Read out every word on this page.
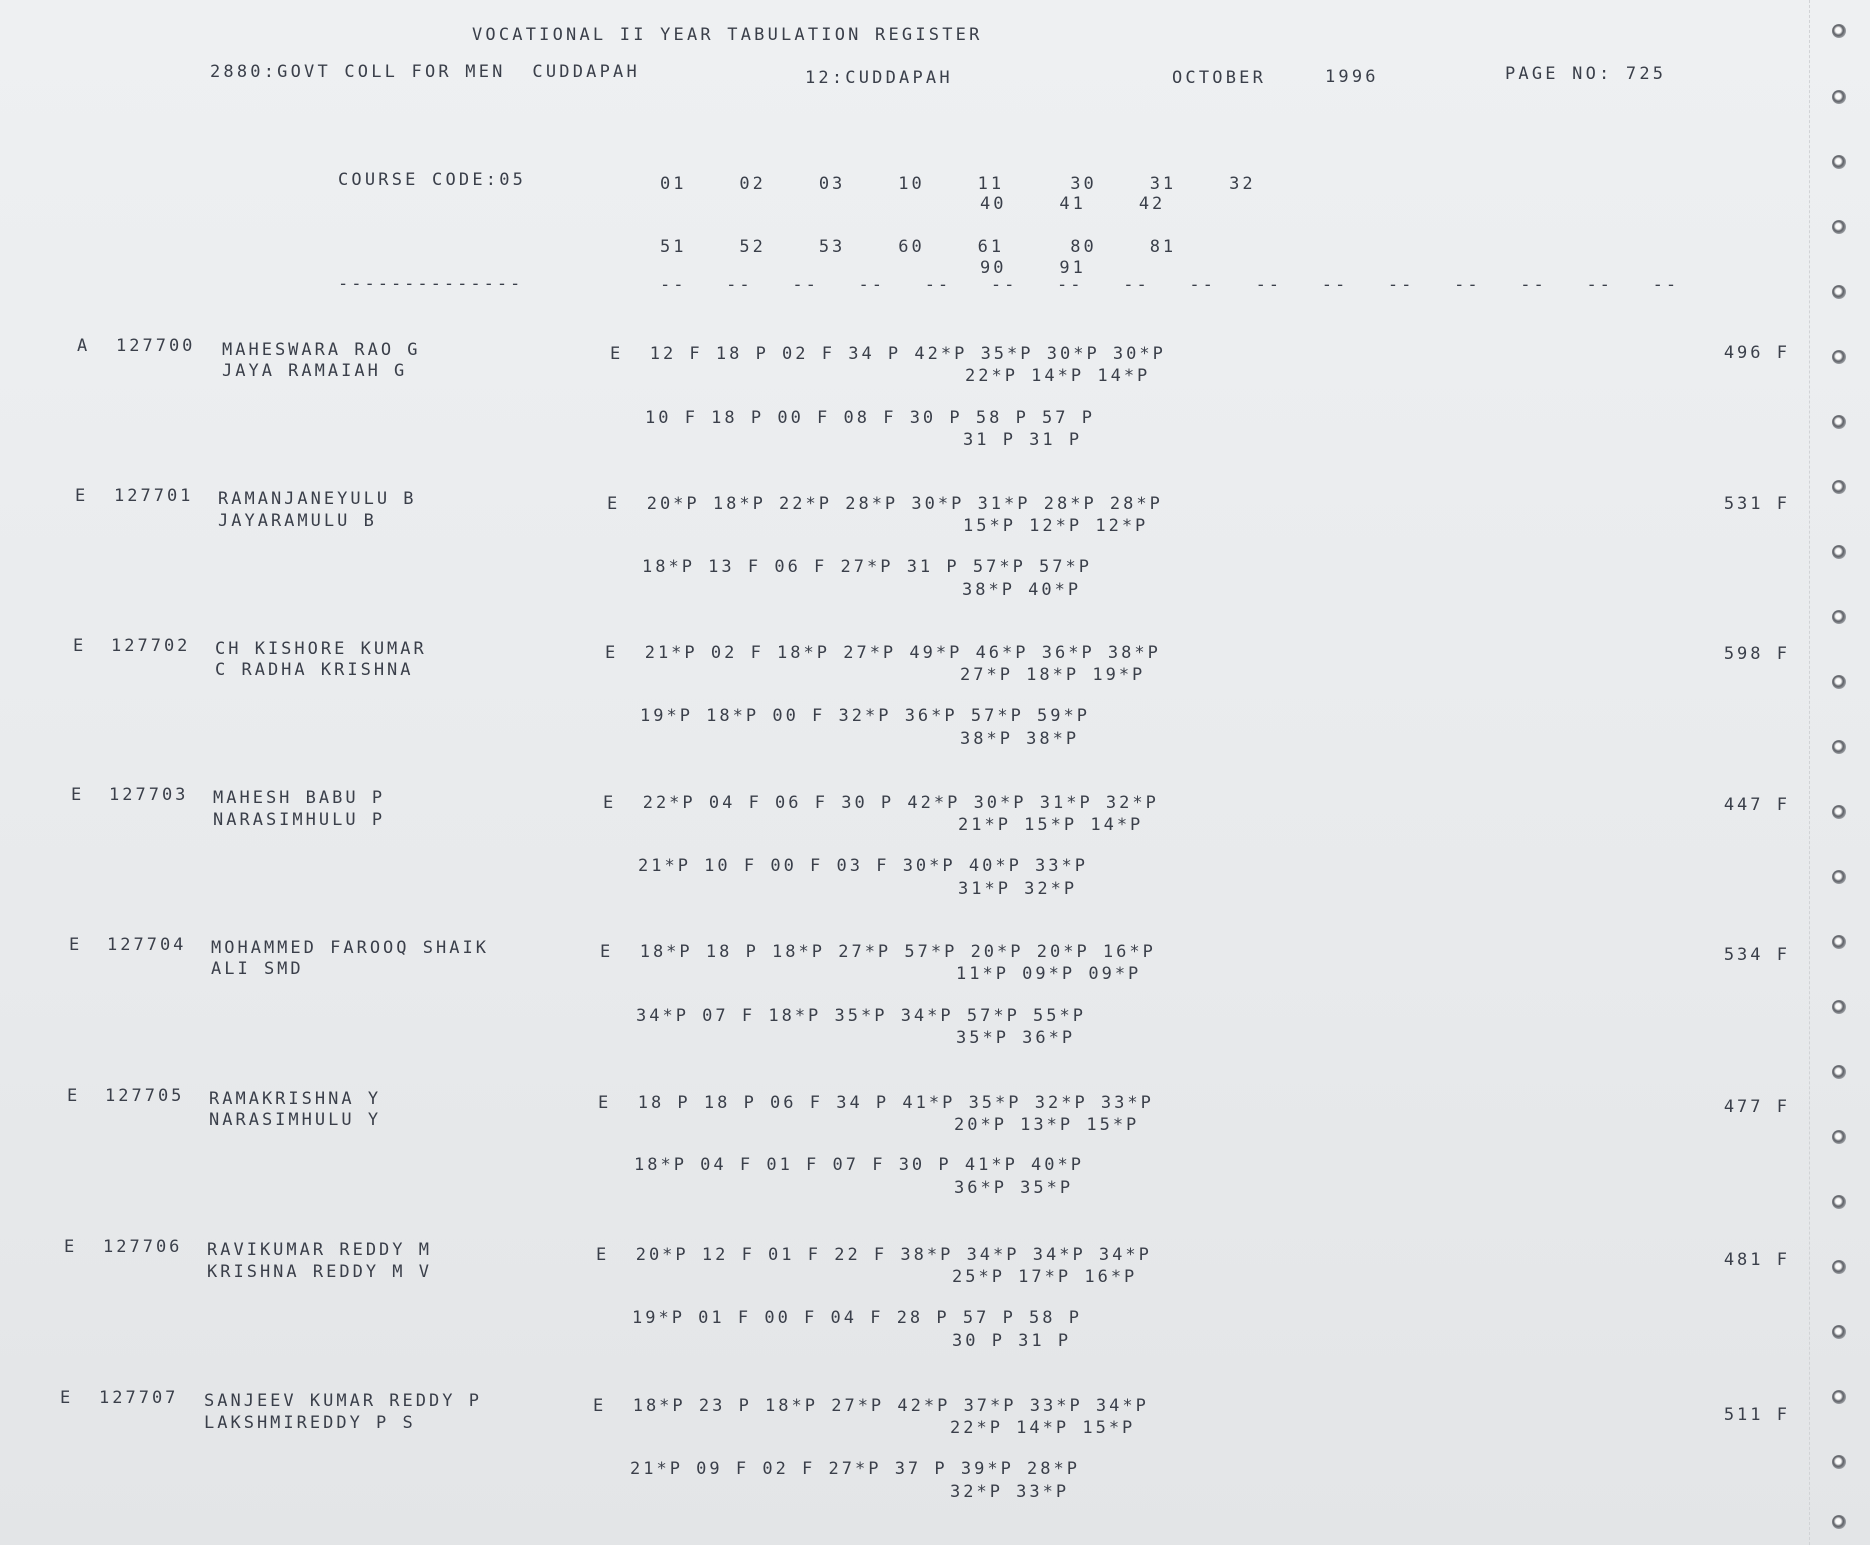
VOCATIONAL II YEAR TABULATION REGISTER
2880:GOVT COLL FOR MEN  CUDDAPAH	12:CUDDAPAH	OCTOBER	1996	PAGE NO: 725
COURSE CODE:05	01    02    03    10    11     30    31    32
40    41    42
51    52    53    60    61     80    81
90    91
--------------	--   --   --   --   --   --   --   --   --   --   --   --   --   --   --   --
A 127700 MAHESWARA RAO G
JAYA RAMAIAH G
E  12 F 18 P 02 F 34 P 42*P 35*P 30*P 30*P
22*P 14*P 14*P
10 F 18 P 00 F 08 F 30 P 58 P 57 P
31 P 31 P
496 F
E 127701 RAMANJANEYULU B
JAYARAMULU B
E  20*P 18*P 22*P 28*P 30*P 31*P 28*P 28*P
15*P 12*P 12*P
18*P 13 F 06 F 27*P 31 P 57*P 57*P
38*P 40*P
531 F
E 127702 CH KISHORE KUMAR
C RADHA KRISHNA
E  21*P 02 F 18*P 27*P 49*P 46*P 36*P 38*P
27*P 18*P 19*P
19*P 18*P 00 F 32*P 36*P 57*P 59*P
38*P 38*P
598 F
E 127703 MAHESH BABU P
NARASIMHULU P
E  22*P 04 F 06 F 30 P 42*P 30*P 31*P 32*P
21*P 15*P 14*P
21*P 10 F 00 F 03 F 30*P 40*P 33*P
31*P 32*P
447 F
E 127704 MOHAMMED FAROOQ SHAIK
ALI SMD
E  18*P 18 P 18*P 27*P 57*P 20*P 20*P 16*P
11*P 09*P 09*P
34*P 07 F 18*P 35*P 34*P 57*P 55*P
35*P 36*P
534 F
E 127705 RAMAKRISHNA Y
NARASIMHULU Y
E  18 P 18 P 06 F 34 P 41*P 35*P 32*P 33*P
20*P 13*P 15*P
18*P 04 F 01 F 07 F 30 P 41*P 40*P
36*P 35*P
477 F
E 127706 RAVIKUMAR REDDY M
KRISHNA REDDY M V
E  20*P 12 F 01 F 22 F 38*P 34*P 34*P 34*P
25*P 17*P 16*P
19*P 01 F 00 F 04 F 28 P 57 P 58 P
30 P 31 P
481 F
E 127707 SANJEEV KUMAR REDDY P
LAKSHMIREDDY P S
E  18*P 23 P 18*P 27*P 42*P 37*P 33*P 34*P
22*P 14*P 15*P
21*P 09 F 02 F 27*P 37 P 39*P 28*P
32*P 33*P
511 F
